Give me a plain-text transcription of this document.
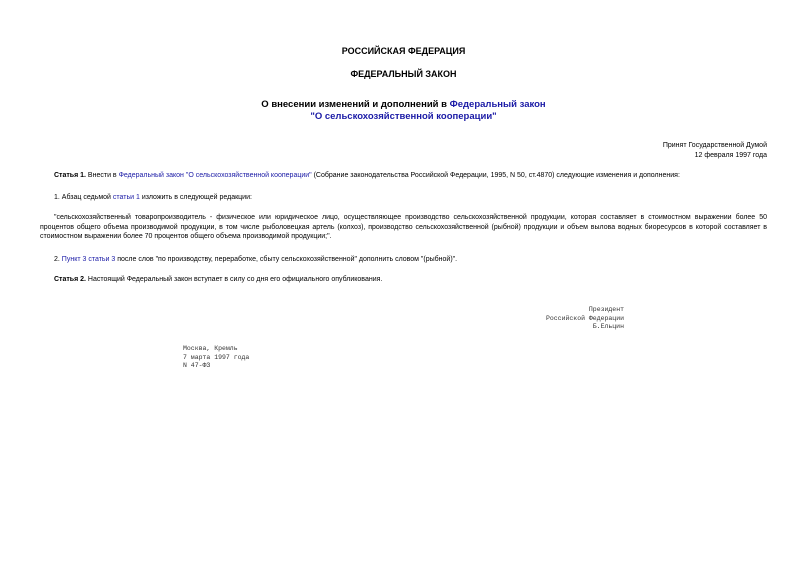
РОССИЙСКАЯ ФЕДЕРАЦИЯ
ФЕДЕРАЛЬНЫЙ ЗАКОН
О внесении изменений и дополнений в Федеральный закон
"О сельскохозяйственной кооперации"
Принят Государственной Думой
12 февраля 1997 года
Статья 1. Внести в Федеральный закон "О сельскохозяйственной кооперации" (Собрание законодательства Российской Федерации, 1995, N 50, ст.4870) следующие изменения и дополнения:
1. Абзац седьмой статьи 1 изложить в следующей редакции:
"сельскохозяйственный товаропроизводитель - физическое или юридическое лицо, осуществляющее производство сельскохозяйственной продукции, которая составляет в стоимостном выражении более 50 процентов общего объема производимой продукции, в том числе рыболовецкая артель (колхоз), производство сельскохозяйственной (рыбной) продукции и объем вылова водных биоресурсов в которой составляет в стоимостном выражении более 70 процентов общего объема производимой продукции;".
2. Пункт 3 статьи 3 после слов "по производству, переработке, сбыту сельскохозяйственной" дополнить словом "(рыбной)".
Статья 2. Настоящий Федеральный закон вступает в силу со дня его официального опубликования.
Президент
Российской Федерации
Б.Ельцин
Москва, Кремль
7 марта 1997 года
N 47-ФЗ
